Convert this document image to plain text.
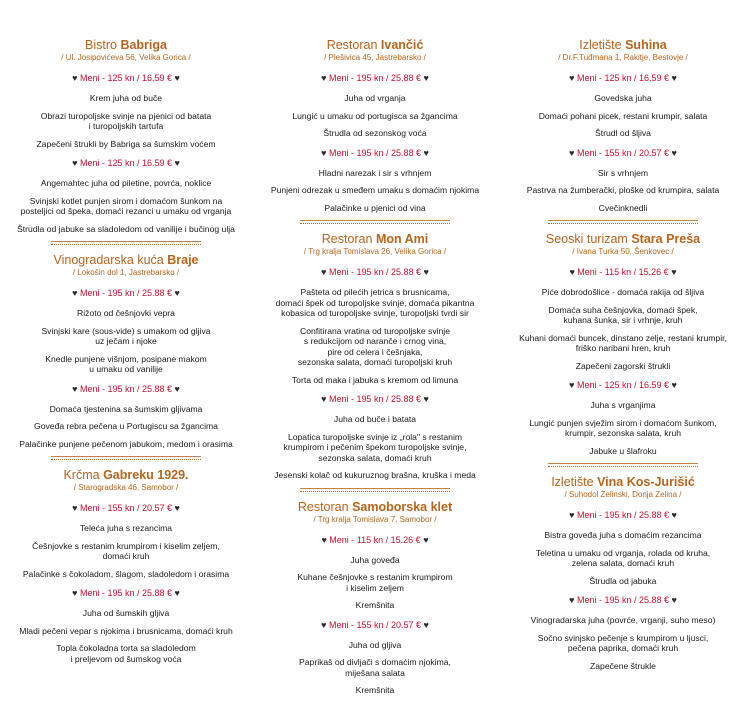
Bistro Babriga
/ Ul. Josipovićeva 56, Velika Gorica /
♥ Meni - 125 kn / 16.59 € ♥
Krem juha od buče
Obrazi turopoljske svinje na pjenici od batata
i turopoljskih tartufa
Zapečeni štrukli by Babriga sa šumskim voćem
♥ Meni - 125 kn / 16.59 € ♥
Angemahtec juha od piletine, povrća, noklice
Svinjski kotlet punjen sirom i domaćom šunkom na
posteljici od špeka, domaći rezanci u umaku od vrganja
Štrudla od jabuke sa sladoledom od vanilije i bučinog ulja
Vinogradarska kuća Braje
/ Lokošin dol 1, Jastrebarsko /
♥ Meni - 195 kn / 25.88 € ♥
Rižoto od češnjovki vepra
Svinjski kare (sous-vide) s umakom od gljiva
uz ječam i njoke
Knedle punjene višnjom, posipane makom
u umaku od vanilije
♥ Meni - 195 kn / 25.88 € ♥
Domaća tjestenina sa šumskim gljivama
Goveđa rebra pečena u Portugiscu sa žgancima
Palačinke punjene pečenom jabukom, medom i orasima
Krčma Gabreku 1929.
/ Starogradska 46, Samobor /
♥ Meni - 155 kn / 20.57 € ♥
Teleća juha s rezancima
Češnjovke s restanim krumpirom i kiselim zeljem,
domaći kruh
Palačinke s čokoladom, šlagom, sladoledom i orasima
♥ Meni - 195 kn / 25.88 € ♥
Juha od šumskih gljiva
Mladi pečeni vepar s njokima i brusnicama, domaći kruh
Topla čokoladna torta sa sladoledom
i preljevom od šumskog voća
Restoran Ivančić
/ Plešivica 45, Jastrebarsko /
♥ Meni - 195 kn / 25.88 € ♥
Juha od vrganja
Lungić u umaku od portugisca sa žgancima
Štrudla od sezonskog voća
♥ Meni - 195 kn / 25.88 € ♥
Hladni narezak i sir s vrhnjem
Punjeni odrezak u smeđem umaku s domaćim njokima
Palačinke u pjenici od vina
Restoran Mon Ami
/ Trg kralja Tomislava 26, Velika Gorica /
♥ Meni - 195 kn / 25.88 € ♥
Pašteta od pilećih jetrica s brusnicama,
domaći špek od turopoljske svinje, domaća pikantna
kobasica od turopoljske svinje, turopoljski tvrdi sir
Confitirana vratina od turopoljske svinje
s redukcijom od naranče i crnog vina,
pire od celera i češnjaka,
sezonska salata, domaći turopoljski kruh
Torta od maka i jabuka s kremom od limuna
♥ Meni - 195 kn / 25.88 € ♥
Juha od buče i batata
Lopatica turopoljske svinje iz „rola" s restanim
krumpirom i pečenim špekom turopoljske svinje,
sezonska salata, domaći kruh
Jesenski kolač od kukuruznog brašna, kruška i meda
Restoran Samoborska klet
/ Trg kralja Tomislava 7, Samobor /
♥ Meni - 115 kn / 15.26 € ♥
Juha goveđa
Kuhane češnjovke s restanim krumpirom
i kiselim zeljem
Kremšnita
♥ Meni - 155 kn / 20.57 € ♥
Juha od gljiva
Paprikaš od divljači s domaćim njokima,
miješana salata
Kremšnita
Izletište Suhina
/ Dr.F.Tuđmana 1, Rakitje, Bestovje /
♥ Meni - 125 kn / 16.59 € ♥
Govedska juha
Domaći pohani picek, restani krumpir, salata
Štrudl od šljiva
♥ Meni - 155 kn / 20.57 € ♥
Sir s vrhnjem
Pastrva na žumberački, ploške od krumpira, salata
Cvečinknedli
Seoski turizam Stara Preša
/ Ivana Turka 50, Šenkovec /
♥ Meni - 115 kn / 15.26 € ♥
Piće dobrodošlice - domaća rakija od šljiva
Domaća suha češnjovka, domaći špek,
kuhana šunka, sir i vrhnje, kruh
Kuhani domaći buncek, dinstano zelje, restani krumpir,
friško naribani hren, kruh
Zapečeni zagorski štrukli
♥ Meni - 125 kn / 16.59 € ♥
Juha s vrganjima
Lungić punjen svježim sirom i domaćom šunkom,
krumpir, sezonska salata, kruh
Jabuke u šlafroku
Izletište Vina Kos-Jurišić
/ Suhodol Zelinski, Donja Zelina /
♥ Meni - 195 kn / 25.88 € ♥
Bistra goveđa juha s domaćim rezancima
Teletina u umaku od vrganja, rolada od kruha,
zelena salata, domaći kruh
Štrudla od jabuka
♥ Meni - 195 kn / 25.88 € ♥
Vinogradarska juha (povrće, vrganji, suho meso)
Sočno svinjsko pečenje s krumpirom u ljusci,
pečena paprika, domaći kruh
Zapečene štrukle
